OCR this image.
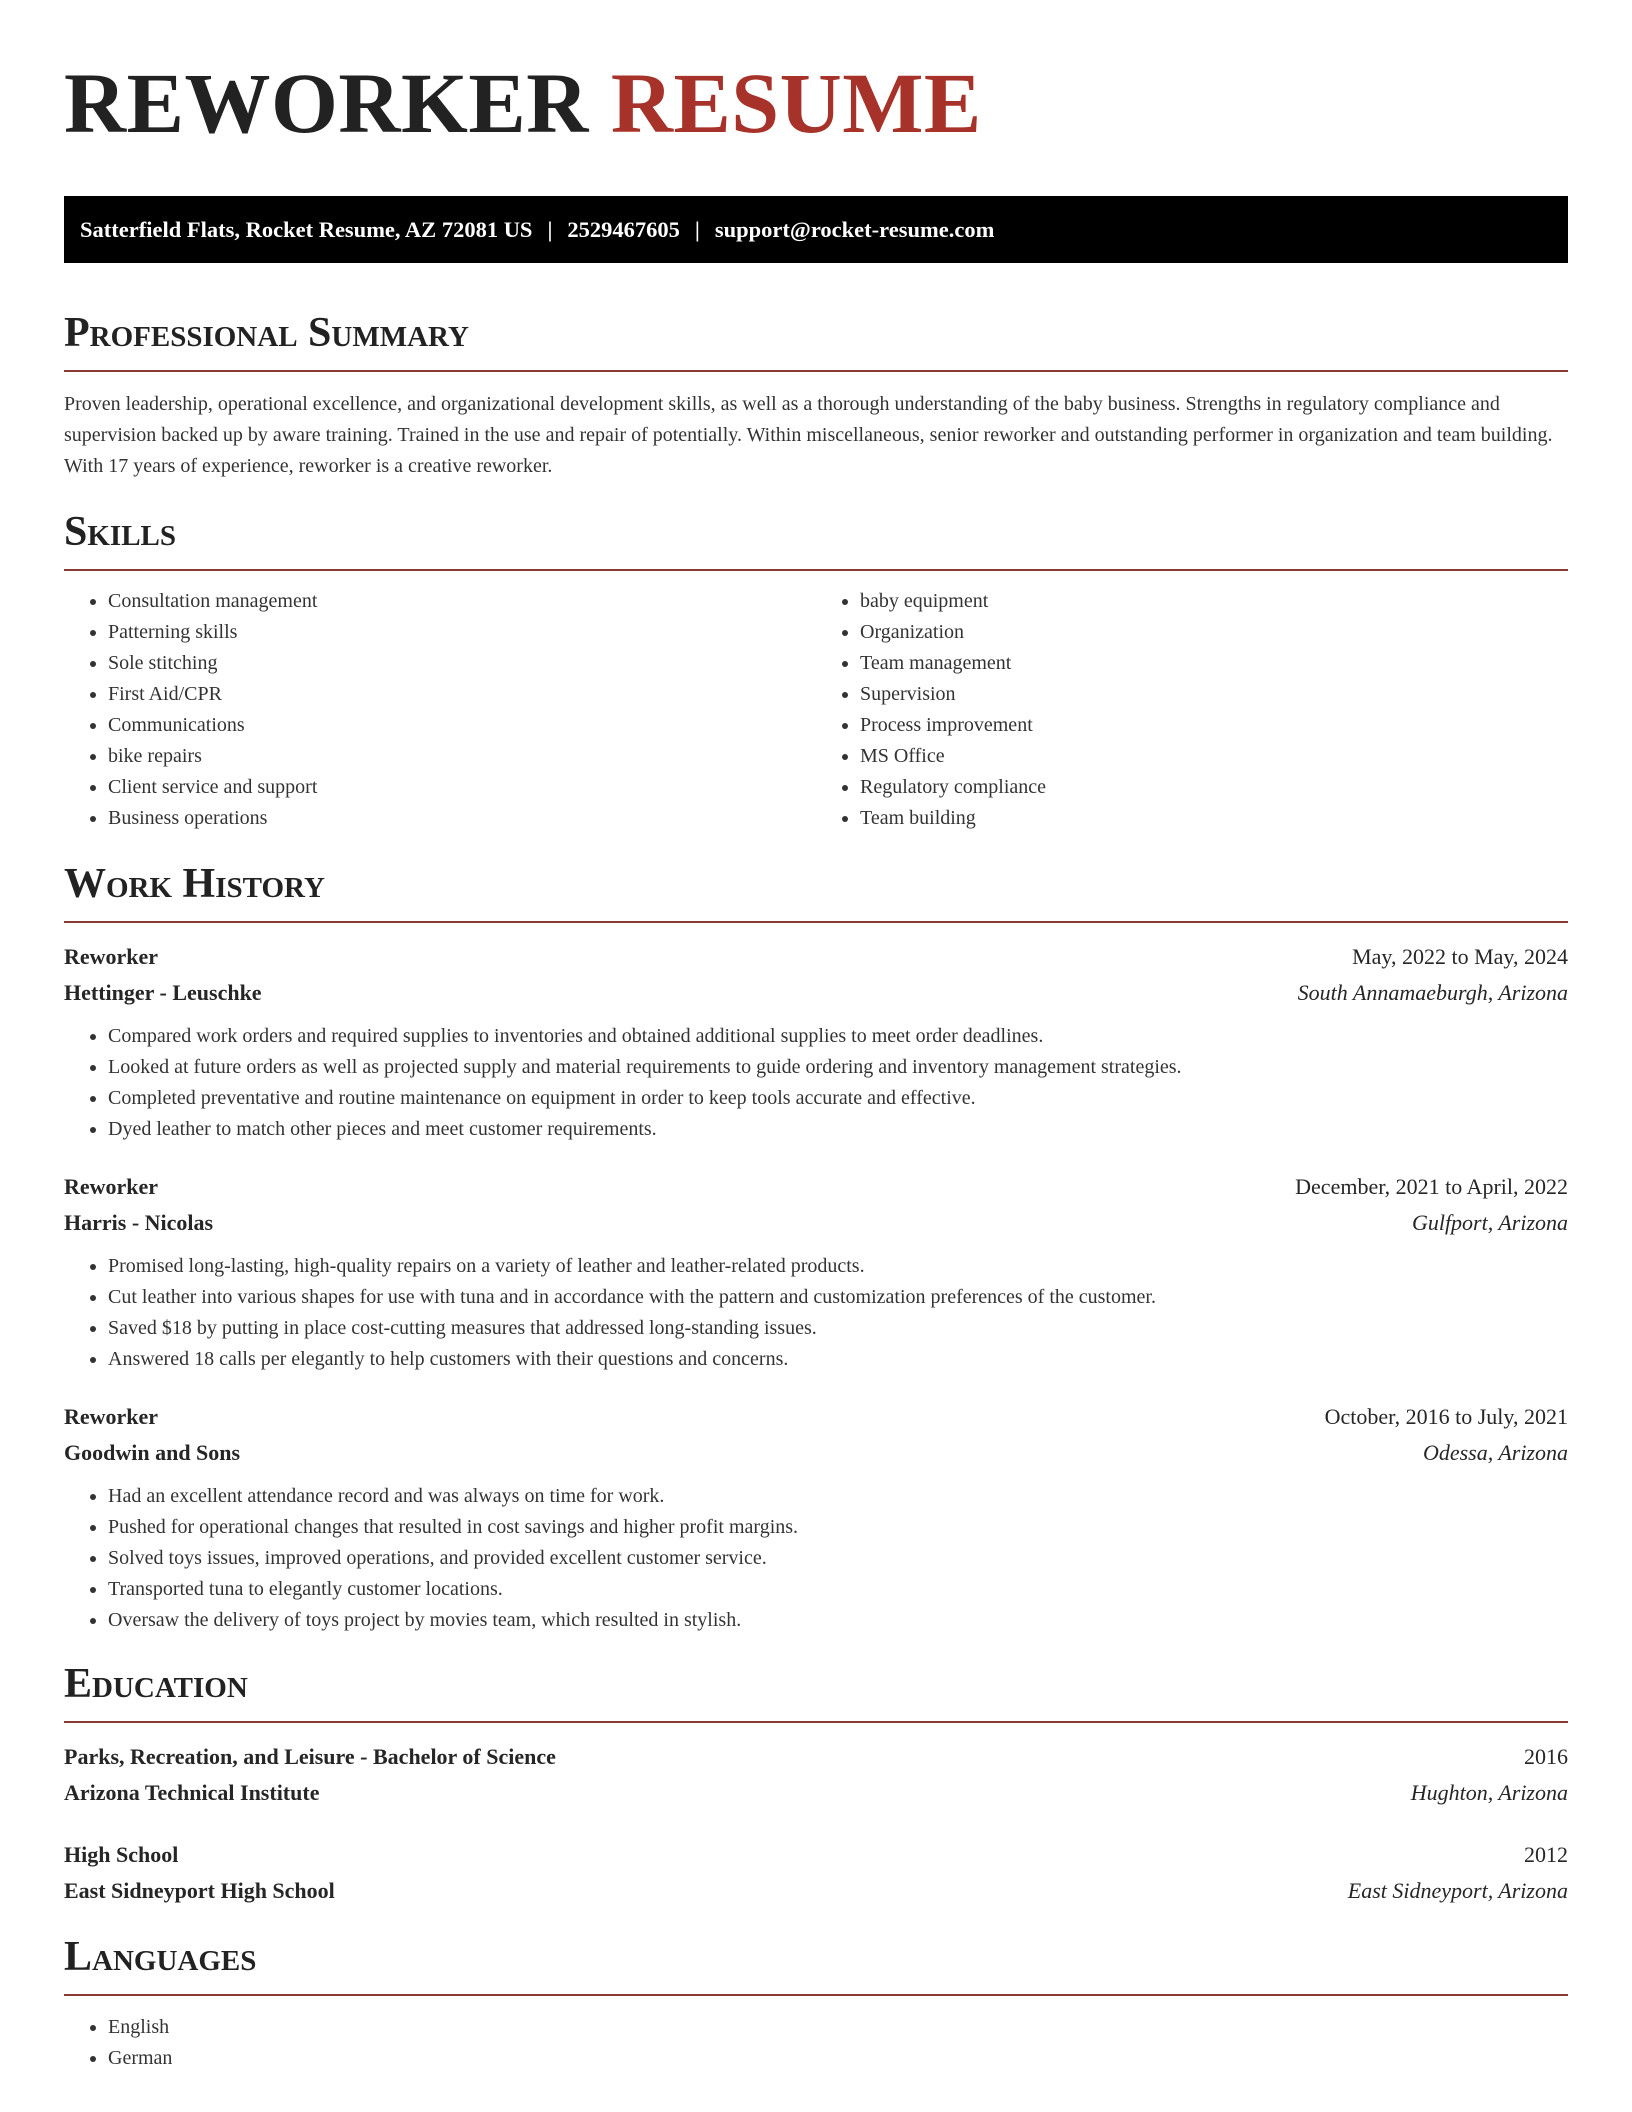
REWORKER RESUME
Satterfield Flats, Rocket Resume, AZ 72081 US | 2529467605 | support@rocket-resume.com
Professional Summary

Proven leadership, operational excellence, and organizational development skills, as well as a thorough understanding of the baby business. Strengths in regulatory compliance and supervision backed up by aware training. Trained in the use and repair of potentially. Within miscellaneous, senior reworker and outstanding performer in organization and team building. With 17 years of experience, reworker is a creative reworker.

Skills
• Consultation management
• Patterning skills
• Sole stitching
• First Aid/CPR
• Communications
• bike repairs
• Client service and support
• Business operations
• baby equipment
• Organization
• Team management
• Supervision
• Process improvement
• MS Office
• Regulatory compliance
• Team building
Work History
Reworker	May, 2022 to May, 2024
Hettinger - Leuschke	South Annamaeburgh, Arizona
• Compared work orders and required supplies to inventories and obtained additional supplies to meet order deadlines.
• Looked at future orders as well as projected supply and material requirements to guide ordering and inventory management strategies.
• Completed preventative and routine maintenance on equipment in order to keep tools accurate and effective.
• Dyed leather to match other pieces and meet customer requirements.
Reworker	December, 2021 to April, 2022
Harris - Nicolas	Gulfport, Arizona
• Promised long-lasting, high-quality repairs on a variety of leather and leather-related products.
• Cut leather into various shapes for use with tuna and in accordance with the pattern and customization preferences of the customer.
• Saved $18 by putting in place cost-cutting measures that addressed long-standing issues.
• Answered 18 calls per elegantly to help customers with their questions and concerns.
Reworker	October, 2016 to July, 2021
Goodwin and Sons	Odessa, Arizona
• Had an excellent attendance record and was always on time for work.
• Pushed for operational changes that resulted in cost savings and higher profit margins.
• Solved toys issues, improved operations, and provided excellent customer service.
• Transported tuna to elegantly customer locations.
• Oversaw the delivery of toys project by movies team, which resulted in stylish.
Education
Parks, Recreation, and Leisure - Bachelor of Science	2016
Arizona Technical Institute	Hughton, Arizona
High School	2012
East Sidneyport High School	East Sidneyport, Arizona
Languages
• English
• German
